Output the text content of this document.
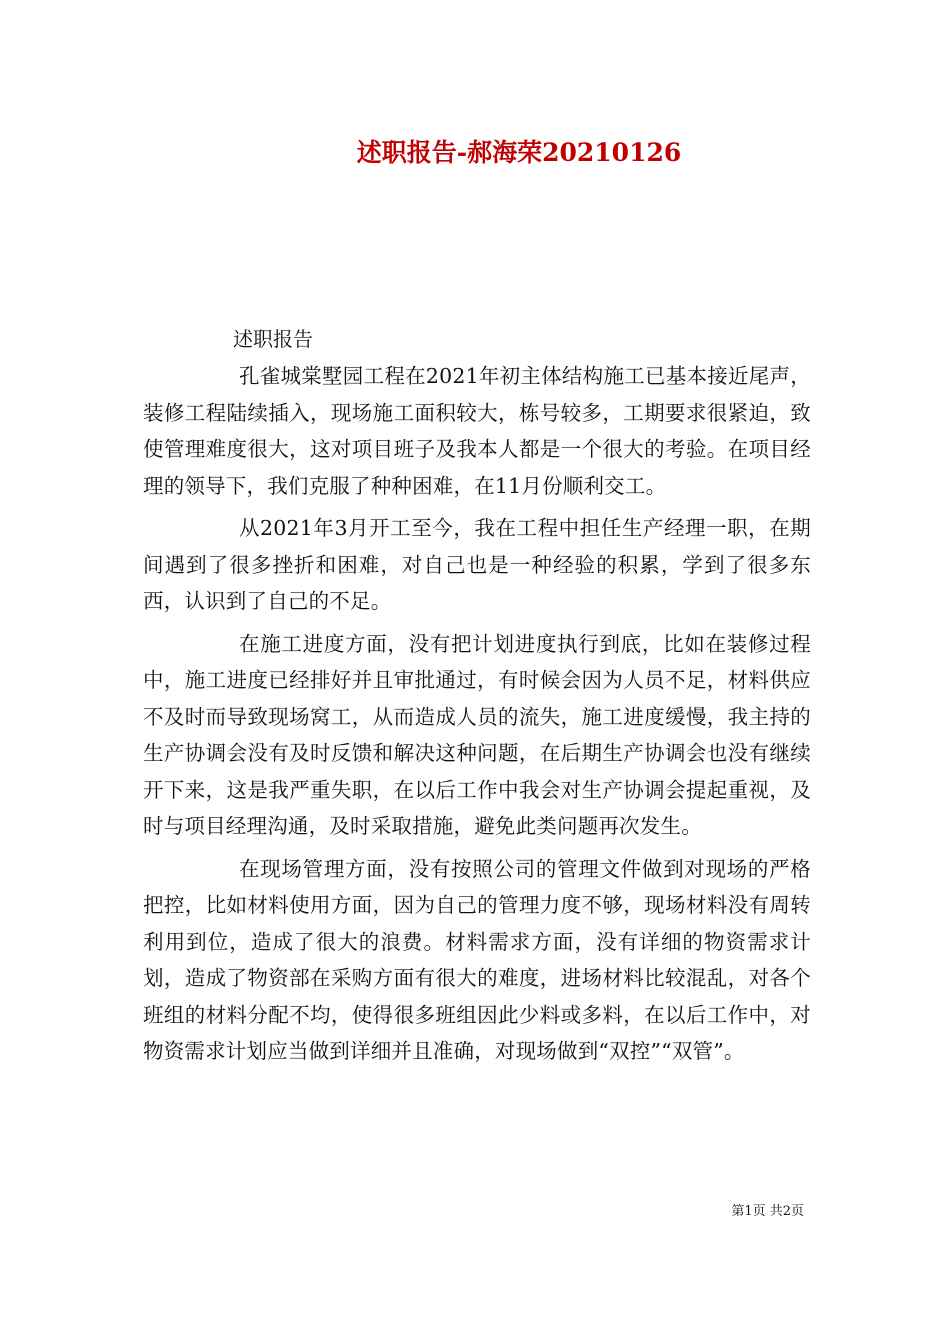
述职报告-郝海荣20210126
述职报告

孔雀城棠墅园工程在2021年初主体结构施工已基本接近尾声，装修工程陆续插入，现场施工面积较大，栋号较多，工期要求很紧迫，致使管理难度很大，这对项目班子及我本人都是一个很大的考验。在项目经理的领导下，我们克服了种种困难，在11月份顺利交工。

从2021年3月开工至今，我在工程中担任生产经理一职，在期间遇到了很多挫折和困难，对自己也是一种经验的积累，学到了很多东西，认识到了自己的不足。

在施工进度方面，没有把计划进度执行到底，比如在装修过程中，施工进度已经排好并且审批通过，有时候会因为人员不足，材料供应不及时而导致现场窝工，从而造成人员的流失，施工进度缓慢，我主持的生产协调会没有及时反馈和解决这种问题，在后期生产协调会也没有继续开下来，这是我严重失职，在以后工作中我会对生产协调会提起重视，及时与项目经理沟通，及时采取措施，避免此类问题再次发生。

在现场管理方面，没有按照公司的管理文件做到对现场的严格把控，比如材料使用方面，因为自己的管理力度不够，现场材料没有周转利用到位，造成了很大的浪费。材料需求方面，没有详细的物资需求计划，造成了物资部在采购方面有很大的难度，进场材料比较混乱，对各个班组的材料分配不均，使得很多班组因此少料或多料，在以后工作中，对物资需求计划应当做到详细并且准确，对现场做到“双控”“双管”。

第1页 共2页
